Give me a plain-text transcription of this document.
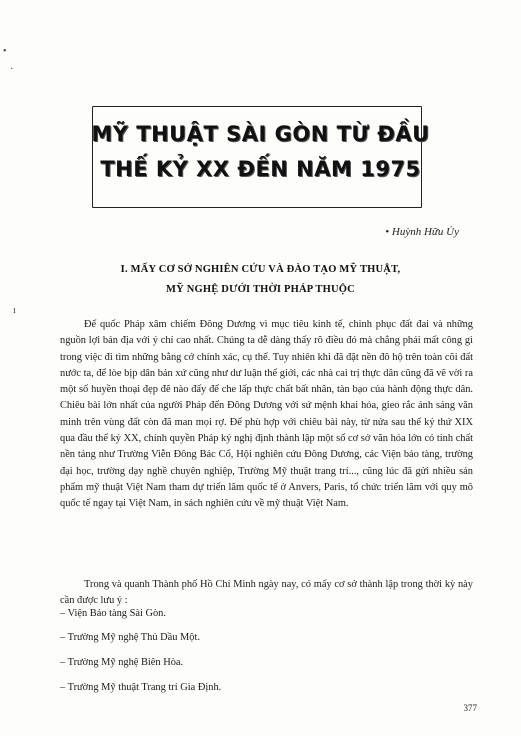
•
·
ı
MỸ THUẬT SÀI GÒN TỪ ĐẦU
THẾ KỶ XX ĐẾN NĂM 1975
• Huỳnh Hữu Ủy
I. MẤY CƠ SỞ NGHIÊN CỨU VÀ ĐÀO TẠO MỸ THUẬT,
MỸ NGHỆ DƯỚI THỜI PHÁP THUỘC

Đế quốc Pháp xâm chiếm Đông Dương vì mục tiêu kinh tế, chinh phục đất đai và những nguồn lợi bản địa với ý chí cao nhất. Chúng ta dễ dàng thấy rõ điều đó mà chẳng phải mất công gì trong việc đi tìm những bằng cớ chính xác, cụ thể. Tuy nhiên khi đã đặt nền đô hộ trên toàn cõi đất nước ta, để lòe bịp dân bản xứ cũng như dư luận thế giới, các nhà cai trị thực dân cũng đã vẽ vời ra một số huyền thoại đẹp đẽ nào đấy để che lấp thực chất bất nhân, tàn bạo của hành động thực dân. Chiêu bài lớn nhất của người Pháp đến Đông Dương với sứ mệnh khai hóa, gieo rắc ánh sáng văn minh trên vùng đất còn đã man mọi rợ. Để phù hợp với chiêu bài này, từ nửa sau thế kỷ thứ XIX qua đầu thế kỷ XX, chính quyền Pháp ký nghị định thành lập một số cơ sở văn hóa lớn có tính chất nền tảng như Trường Viễn Đông Bác Cổ, Hội nghiên cứu Đông Dương, các Viện bảo tàng, trường đại học, trường dạy nghề chuyên nghiệp, Trường Mỹ thuật trang trí..., cũng lúc đã gửi nhiều sản phẩm mỹ thuật Việt Nam tham dự triển lãm quốc tế ở Anvers, Paris, tổ chức triển lãm với quy mô quốc tế ngay tại Việt Nam, in sách nghiên cứu về mỹ thuật Việt Nam.

Trong và quanh Thành phố Hồ Chí Minh ngày nay, có mấy cơ sở thành lập trong thời kỳ này cần được lưu ý :

– Viện Bảo tàng Sài Gòn.
– Trường Mỹ nghệ Thủ Dầu Một.
– Trường Mỹ nghệ Biên Hòa.
– Trường Mỹ thuật Trang trí Gia Định.
377
